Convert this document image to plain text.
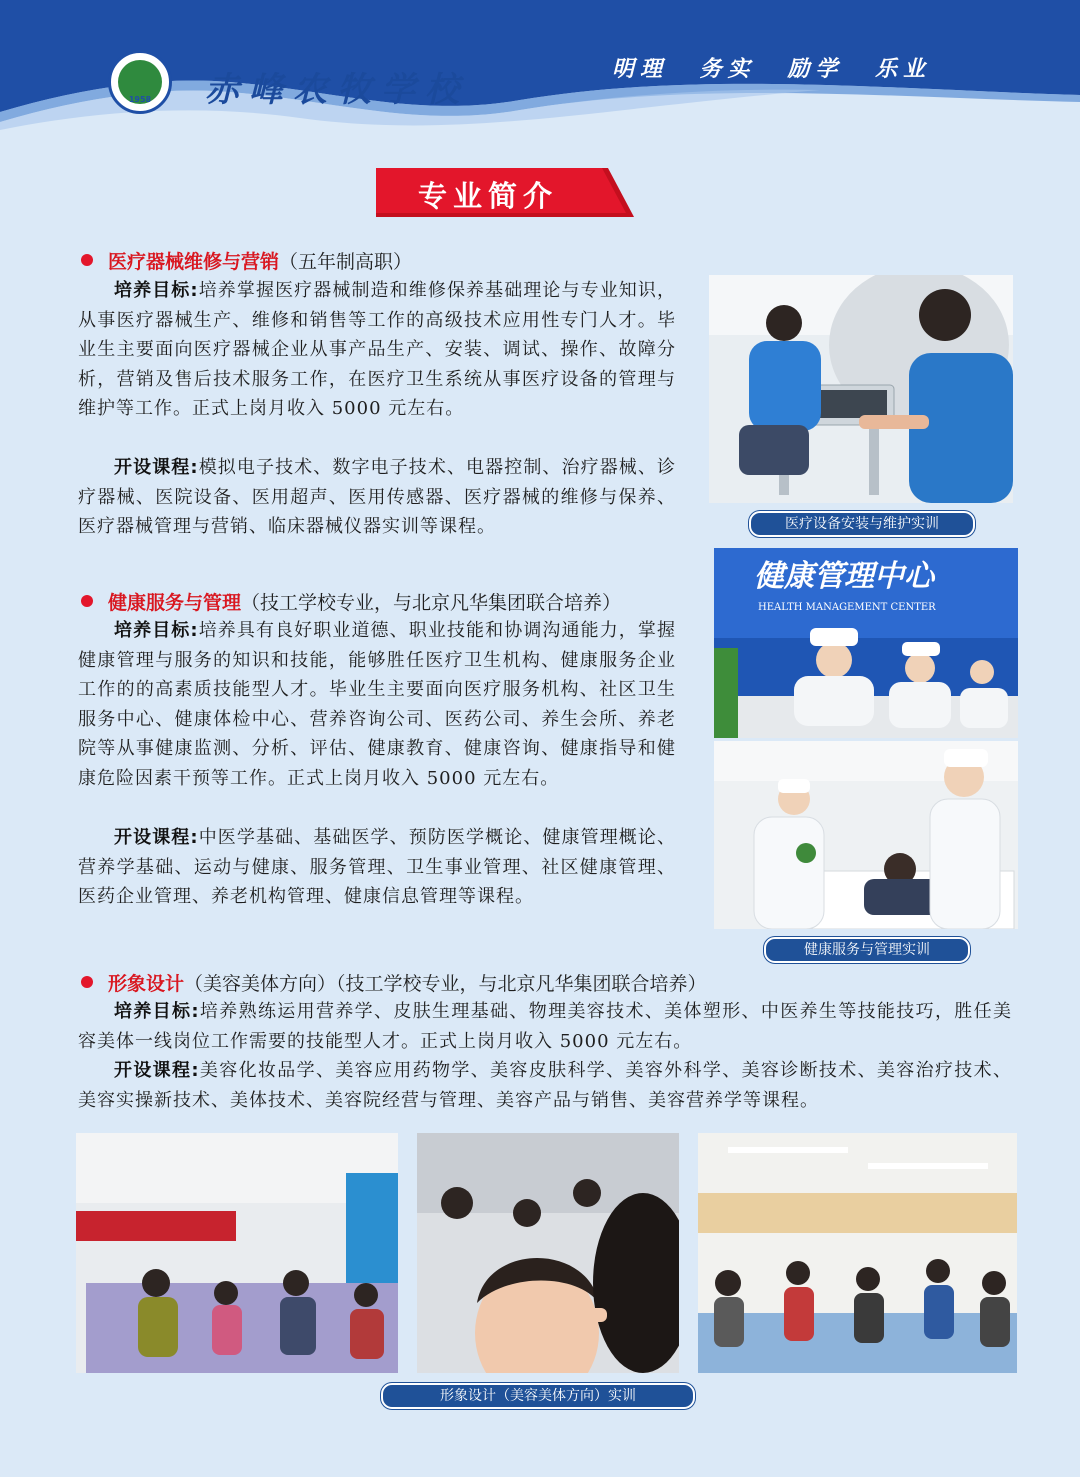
1958	赤峰农牧学校
明理 务实 励学 乐业
专业简介
医疗器械维修与营销（五年制高职）
培养目标:培养掌握医疗器械制造和维修保养基础理论与专业知识，从事医疗器械生产、维修和销售等工作的高级技术应用性专门人才。毕业生主要面向医疗器械企业从事产品生产、安装、调试、操作、故障分析，营销及售后技术服务工作，在医疗卫生系统从事医疗设备的管理与维护等工作。正式上岗月收入 5000 元左右。
开设课程:模拟电子技术、数字电子技术、电器控制、治疗器械、诊疗器械、医院设备、医用超声、医用传感器、医疗器械的维修与保养、医疗器械管理与营销、临床器械仪器实训等课程。	医疗设备安装与维护实训
健康服务与管理（技工学校专业，与北京凡华集团联合培养）
培养目标:培养具有良好职业道德、职业技能和协调沟通能力，掌握健康管理与服务的知识和技能，能够胜任医疗卫生机构、健康服务企业工作的的高素质技能型人才。毕业生主要面向医疗服务机构、社区卫生服务中心、健康体检中心、营养咨询公司、医药公司、养生会所、养老院等从事健康监测、分析、评估、健康教育、健康咨询、健康指导和健康危险因素干预等工作。正式上岗月收入 5000 元左右。
开设课程:中医学基础、基础医学、预防医学概论、健康管理概论、营养学基础、运动与健康、服务管理、卫生事业管理、社区健康管理、医药企业管理、养老机构管理、健康信息管理等课程。
健康管理中心
HEALTH MANAGEMENT CENTER
健康服务与管理实训
形象设计（美容美体方向）（技工学校专业，与北京凡华集团联合培养）
培养目标:培养熟练运用营养学、皮肤生理基础、物理美容技术、美体塑形、中医养生等技能技巧，胜任美容美体一线岗位工作需要的技能型人才。正式上岗月收入 5000 元左右。
开设课程:美容化妆品学、美容应用药物学、美容皮肤科学、美容外科学、美容诊断技术、美容治疗技术、美容实操新技术、美体技术、美容院经营与管理、美容产品与销售、美容营养学等课程。
形象设计（美容美体方向）实训
